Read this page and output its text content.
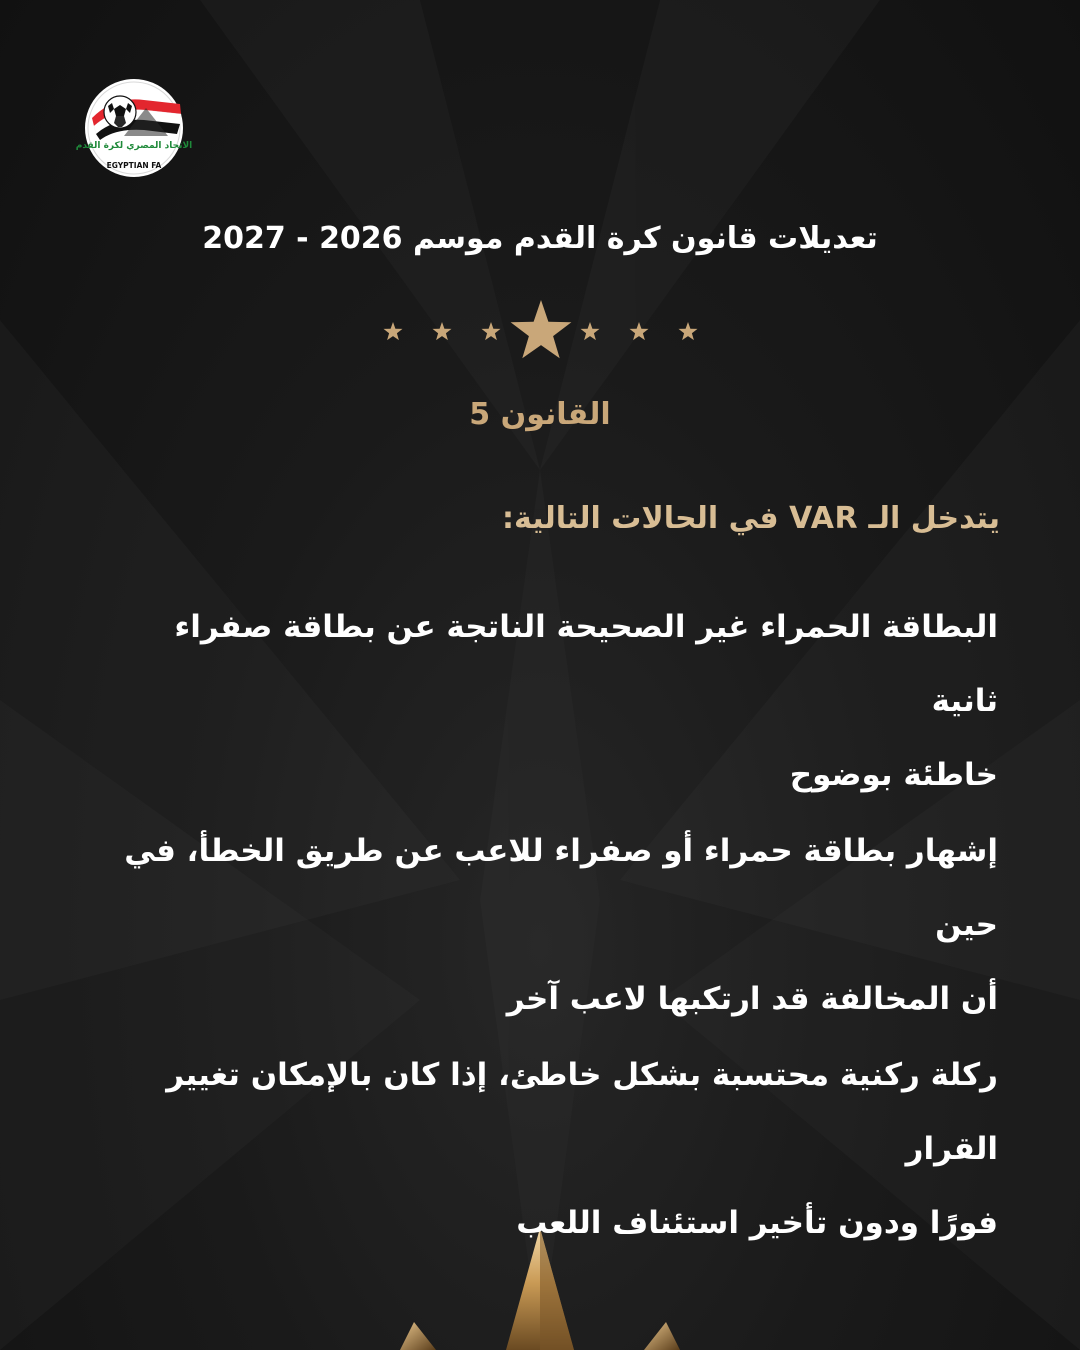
الاتحاد المصري لكرة القدم
EGYPTIAN FA
تعديلات قانون كرة القدم موسم 2026 - 2027
القانون 5
يتدخل الـ VAR في الحالات التالية:
البطاقة الحمراء غير الصحيحة الناتجة عن بطاقة صفراء ثانية
خاطئة بوضوح
إشهار بطاقة حمراء أو صفراء للاعب عن طريق الخطأ، في حين
أن المخالفة قد ارتكبها لاعب آخر
ركلة ركنية محتسبة بشكل خاطئ، إذا كان بالإمكان تغيير القرار
فورًا ودون تأخير استئناف اللعب
